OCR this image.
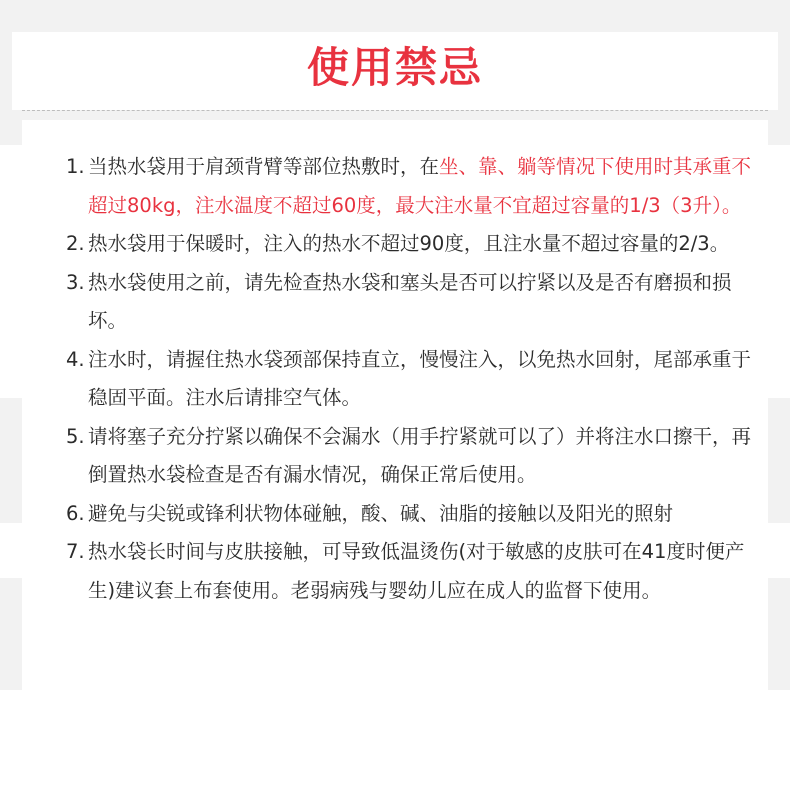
使用禁忌
1. 当热水袋用于肩颈背臂等部位热敷时，在坐、靠、躺等情况下使用时其承重不超过80kg，注水温度不超过60度，最大注水量不宜超过容量的1/3（3升）。
2. 热水袋用于保暖时，注入的热水不超过90度，且注水量不超过容量的2/3。
3. 热水袋使用之前，请先检查热水袋和塞头是否可以拧紧以及是否有磨损和损坏。
4. 注水时，请握住热水袋颈部保持直立，慢慢注入，以免热水回射，尾部承重于稳固平面。注水后请排空气体。
5. 请将塞子充分拧紧以确保不会漏水（用手拧紧就可以了）并将注水口擦干，再倒置热水袋检查是否有漏水情况，确保正常后使用。
6. 避免与尖锐或锋利状物体碰触，酸、碱、油脂的接触以及阳光的照射
7. 热水袋长时间与皮肤接触，可导致低温烫伤(对于敏感的皮肤可在41度时便产生)建议套上布套使用。老弱病残与婴幼儿应在成人的监督下使用。
